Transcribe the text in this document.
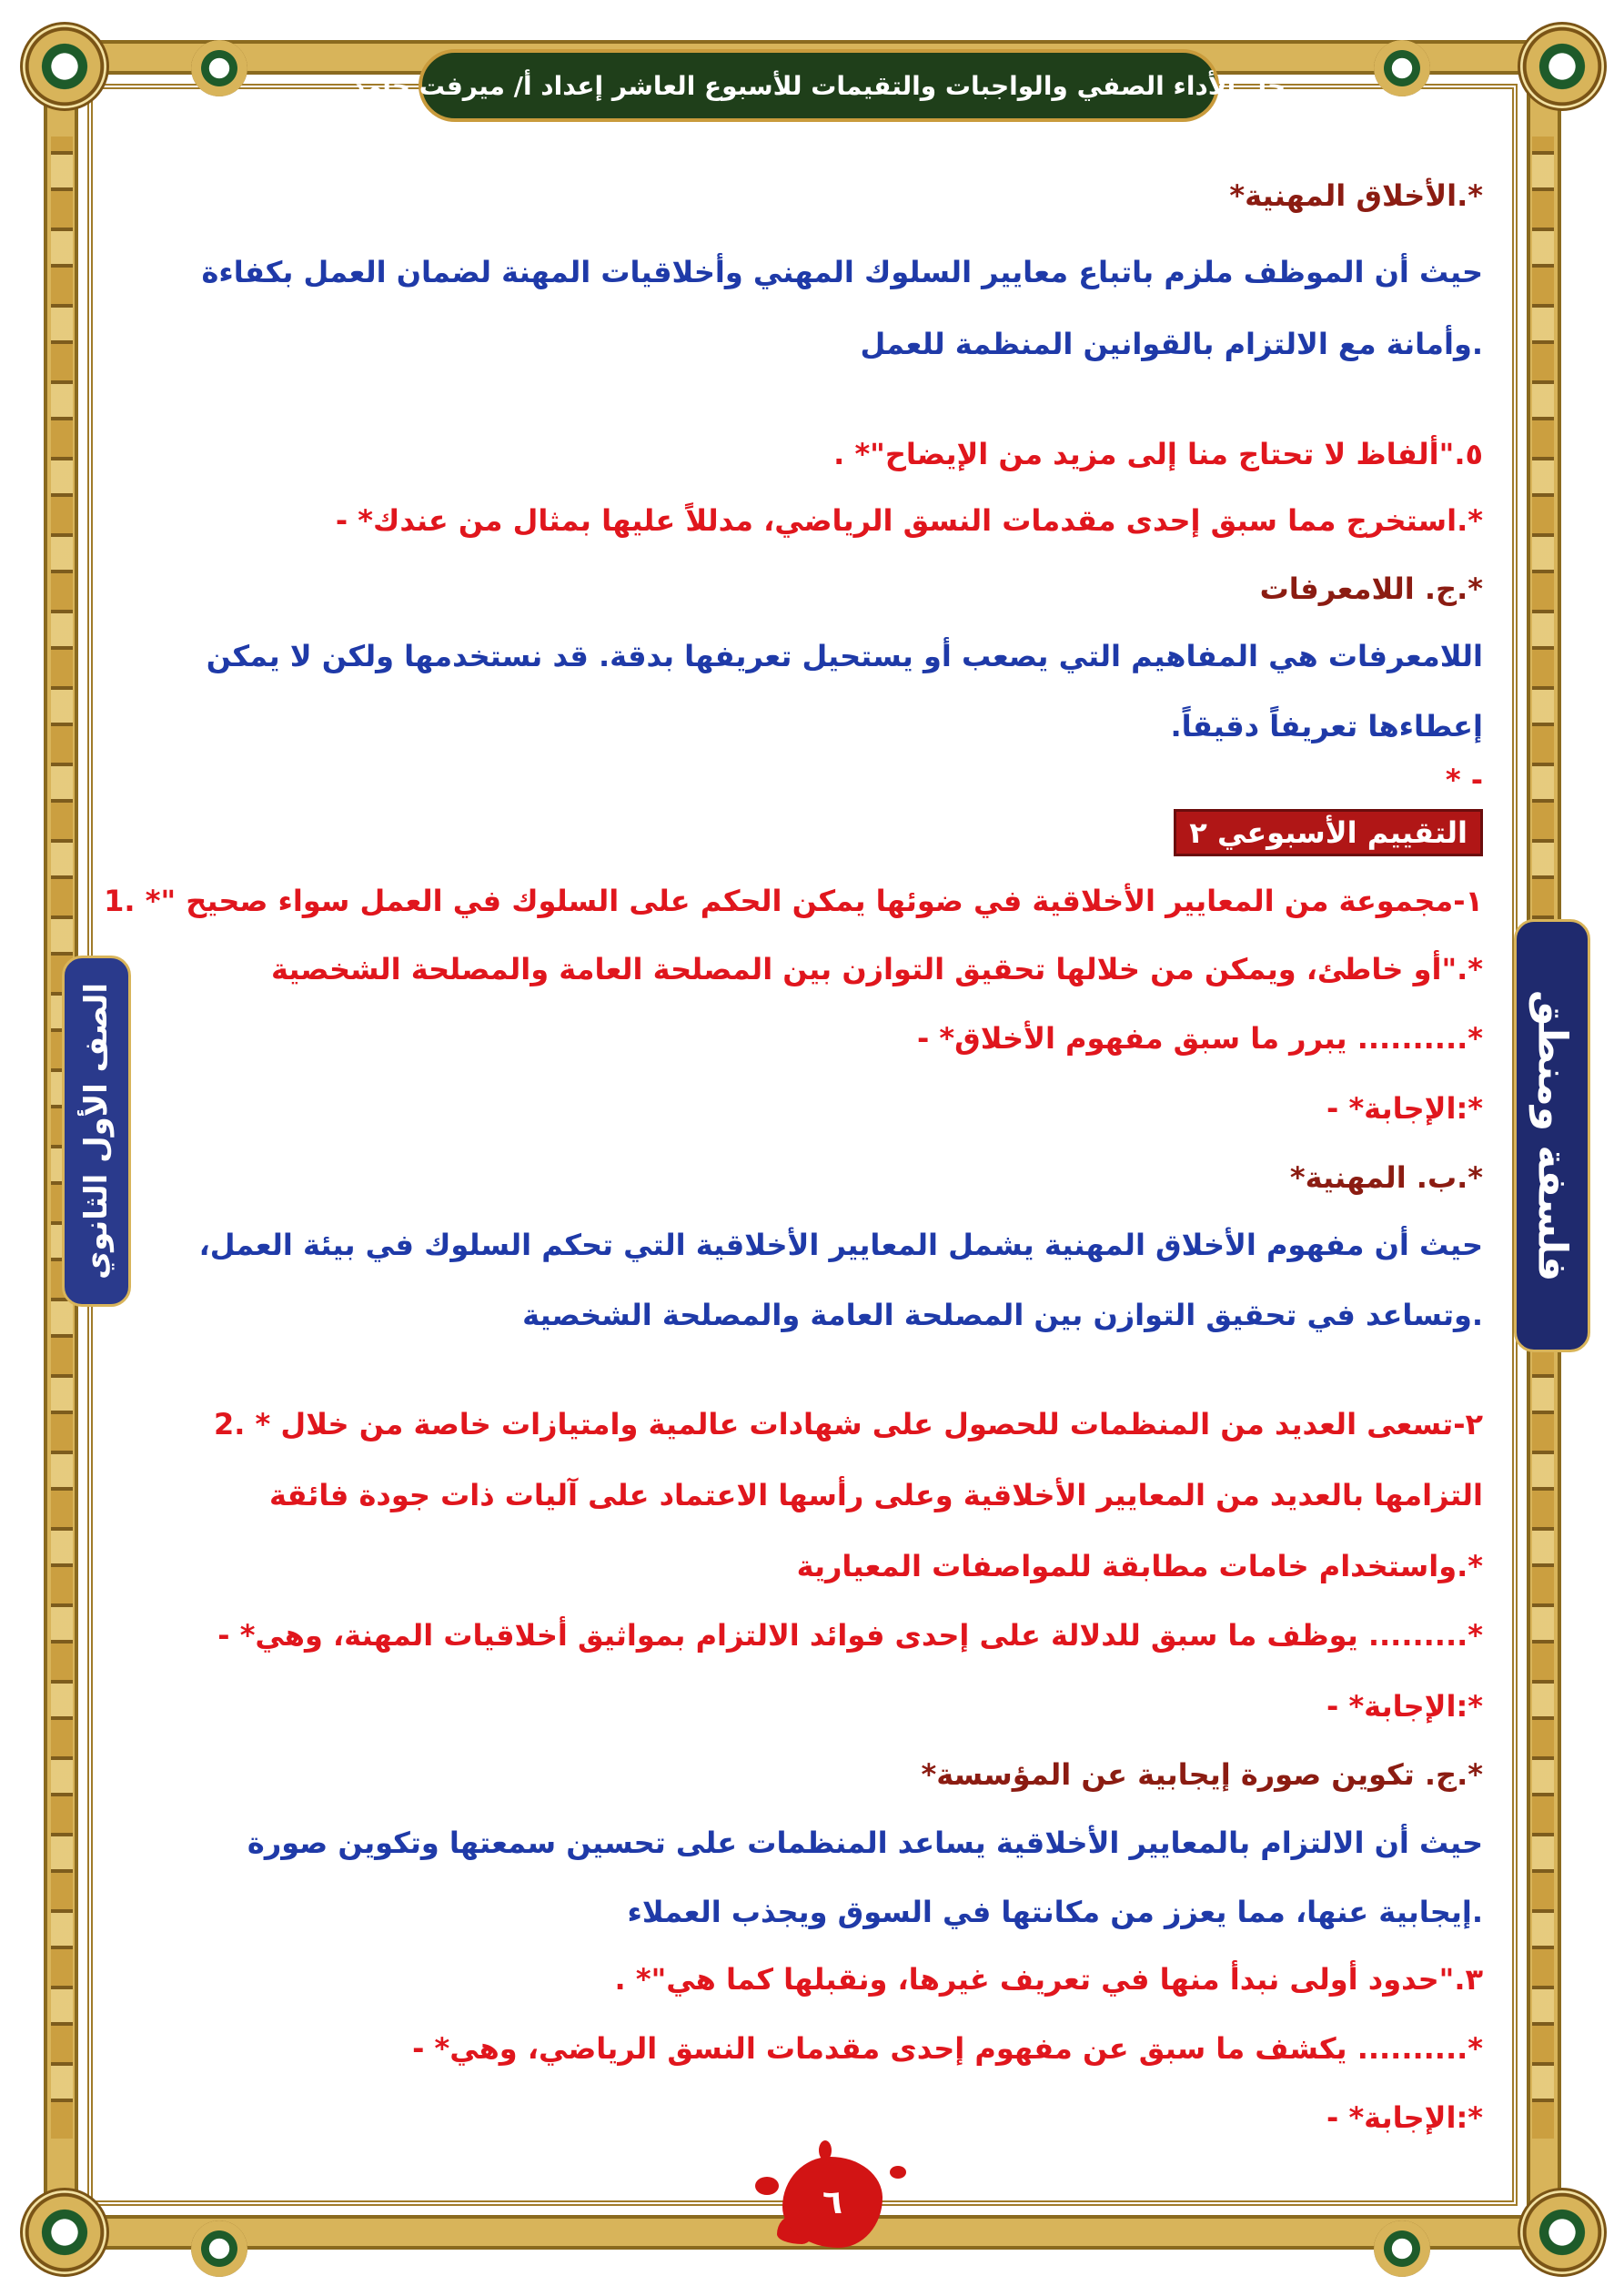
حل الأداء الصفي والواجبات والتقيمات للأسبوع العاشر إعداد أ/ ميرفت حامد
فلسفة ومنطق
الصف الأول الثانوي
*.الأخلاق المهنية*
حيث أن الموظف ملزم باتباع معايير السلوك المهني وأخلاقيات المهنة لضمان العمل بكفاءة
.وأمانة مع الالتزام بالقوانين المنظمة للعمل
٥."ألفاظ لا تحتاج منا إلى مزيد من الإيضاح"* .
*.استخرج مما سبق إحدى مقدمات النسق الرياضي، مدللاً عليها بمثال من عندك* -
*.ج. اللامعرفات
اللامعرفات هي المفاهيم التي يصعب أو يستحيل تعريفها بدقة. قد نستخدمها ولكن لا يمكن
إعطاءها تعريفاً دقيقاً.
- *
التقييم الأسبوعي ٢
١-مجموعة من المعايير الأخلاقية في ضوئها يمكن الحكم على السلوك في العمل سواء صحيح "* .1
*."أو خاطئ، ويمكن من خلالها تحقيق التوازن بين المصلحة العامة والمصلحة الشخصية
*.......... يبرر ما سبق مفهوم الأخلاق* -
*:الإجابة* -
*.ب. المهنية*
حيث أن مفهوم الأخلاق المهنية يشمل المعايير الأخلاقية التي تحكم السلوك في بيئة العمل،
.وتساعد في تحقيق التوازن بين المصلحة العامة والمصلحة الشخصية
٢-تسعى العديد من المنظمات للحصول على شهادات عالمية وامتيازات خاصة من خلال * .2
التزامها بالعديد من المعايير الأخلاقية وعلى رأسها الاعتماد على آليات ذات جودة فائقة
*.واستخدام خامات مطابقة للمواصفات المعيارية
*......... يوظف ما سبق للدلالة على إحدى فوائد الالتزام بمواثيق أخلاقيات المهنة، وهي* -
*:الإجابة* -
*.ج. تكوين صورة إيجابية عن المؤسسة*
حيث أن الالتزام بالمعايير الأخلاقية يساعد المنظمات على تحسين سمعتها وتكوين صورة
.إيجابية عنها، مما يعزز من مكانتها في السوق ويجذب العملاء
٣."حدود أولى نبدأ منها في تعريف غيرها، ونقبلها كما هي"* .
*.......... يكشف ما سبق عن مفهوم إحدى مقدمات النسق الرياضي، وهي* -
*:الإجابة* -
٦
